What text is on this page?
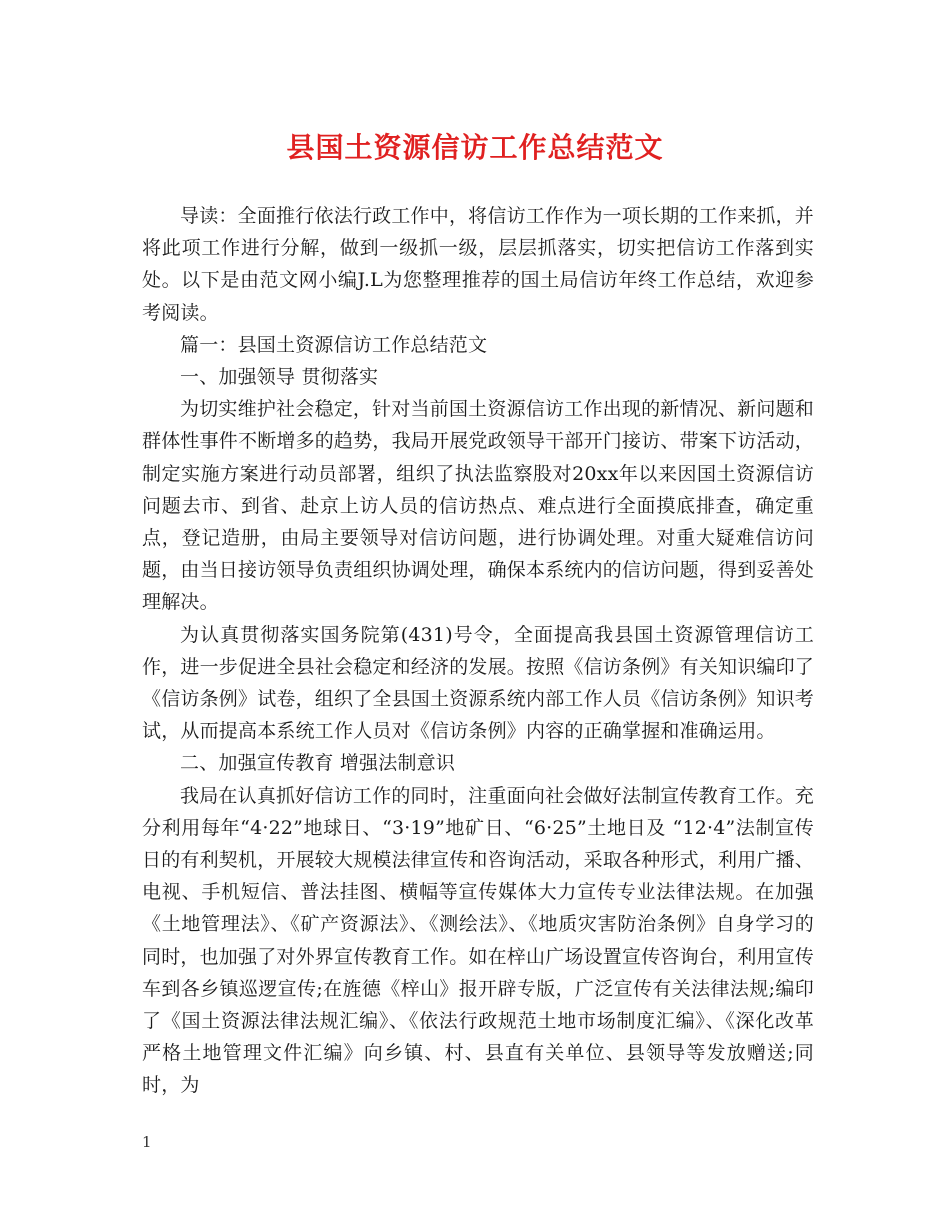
县国土资源信访工作总结范文

导读：全面推行依法行政工作中，将信访工作作为一项长期的工作来抓，并将此项工作进行分解，做到一级抓一级，层层抓落实，切实把信访工作落到实处。以下是由范文网小编J.L为您整理推荐的国土局信访年终工作总结，欢迎参考阅读。

篇一：县国土资源信访工作总结范文

一、加强领导 贯彻落实

为切实维护社会稳定，针对当前国土资源信访工作出现的新情况、新问题和群体性事件不断增多的趋势，我局开展党政领导干部开门接访、带案下访活动，制定实施方案进行动员部署，组织了执法监察股对20xx年以来因国土资源信访问题去市、到省、赴京上访人员的信访热点、难点进行全面摸底排查，确定重点，登记造册，由局主要领导对信访问题，进行协调处理。对重大疑难信访问题，由当日接访领导负责组织协调处理，确保本系统内的信访问题，得到妥善处理解决。

为认真贯彻落实国务院第(431)号令，全面提高我县国土资源管理信访工作，进一步促进全县社会稳定和经济的发展。按照《信访条例》有关知识编印了《信访条例》试卷，组织了全县国土资源系统内部工作人员《信访条例》知识考试，从而提高本系统工作人员对《信访条例》内容的正确掌握和准确运用。

二、加强宣传教育 增强法制意识

我局在认真抓好信访工作的同时，注重面向社会做好法制宣传教育工作。充分利用每年“4·22”地球日、“3·19”地矿日、“6·25”土地日及 “12·4”法制宣传日的有利契机，开展较大规模法律宣传和咨询活动，采取各种形式，利用广播、电视、手机短信、普法挂图、横幅等宣传媒体大力宣传专业法律法规。在加强《土地管理法》、《矿产资源法》、《测绘法》、《地质灾害防治条例》自身学习的同时，也加强了对外界宣传教育工作。如在梓山广场设置宣传咨询台，利用宣传车到各乡镇巡逻宣传;在旌德《梓山》报开辟专版，广泛宣传有关法律法规;编印了《国土资源法律法规汇编》、《依法行政规范土地市场制度汇编》、《深化改革严格土地管理文件汇编》向乡镇、村、县直有关单位、县领导等发放赠送;同时，为

1
